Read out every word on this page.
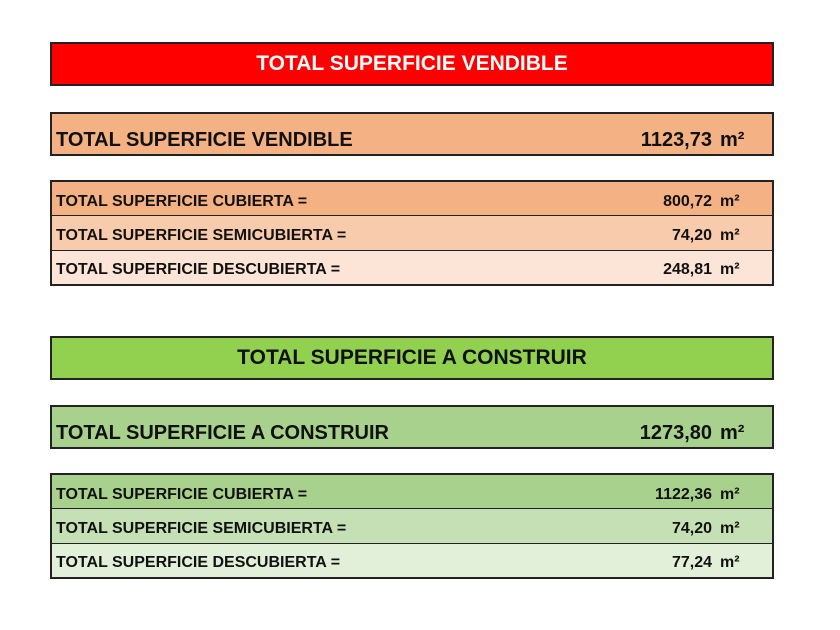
TOTAL SUPERFICIE VENDIBLE
TOTAL SUPERFICIE VENDIBLE	1123,73 m²
TOTAL SUPERFICIE CUBIERTA =	800,72 m²
TOTAL SUPERFICIE SEMICUBIERTA =	74,20 m²
TOTAL SUPERFICIE DESCUBIERTA =	248,81 m²
TOTAL SUPERFICIE A CONSTRUIR
TOTAL SUPERFICIE A CONSTRUIR	1273,80 m²
TOTAL SUPERFICIE CUBIERTA =	1122,36 m²
TOTAL SUPERFICIE SEMICUBIERTA =	74,20 m²
TOTAL SUPERFICIE DESCUBIERTA =	77,24 m²
